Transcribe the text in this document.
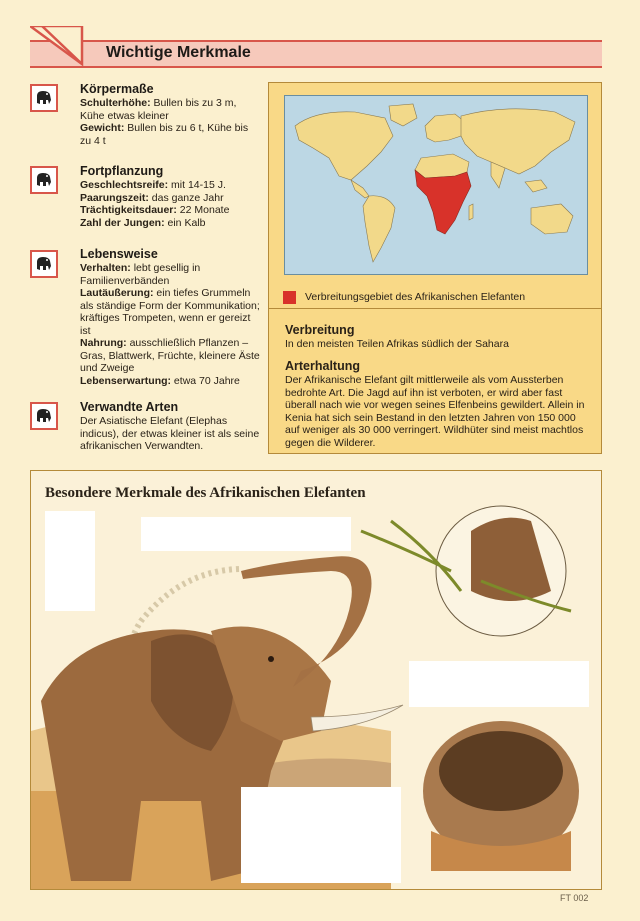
Wichtige Merkmale
Körpermaße

Schulterhöhe: Bullen bis zu 3 m, Kühe etwas kleiner

Gewicht: Bullen bis zu 6 t, Kühe bis zu 4 t

Fortpflanzung

Geschlechtsreife: mit 14-15 J.

Paarungszeit: das ganze Jahr

Trächtigkeitsdauer: 22 Monate

Zahl der Jungen: ein Kalb

Lebensweise

Verhalten: lebt gesellig in Familienverbänden

Lautäußerung: ein tiefes Grummeln als ständige Form der Kommunikation; kräftiges Trompeten, wenn er gereizt ist

Nahrung: ausschließlich Pflanzen – Gras, Blattwerk, Früchte, kleinere Äste und Zweige

Lebenserwartung: etwa 70 Jahre

Verwandte Arten

Der Asiatische Elefant (Elephas indicus), der etwas kleiner ist als seine afrikanischen Verwandten.

Verbreitungsgebiet des Afrikanischen Elefanten
Verbreitung

In den meisten Teilen Afrikas südlich der Sahara

Arterhaltung

Der Afrikanische Elefant gilt mittlerweile als vom Aussterben bedrohte Art. Die Jagd auf ihn ist verboten, er wird aber fast überall nach wie vor wegen seines Elfenbeins gewildert. Allein in Kenia hat sich sein Bestand in den letzten Jahren von 150 000 auf weniger als 30 000 verringert. Wildhüter sind meist machtlos gegen die Wilderer.

Besondere Merkmale des Afrikanischen Elefanten
FT 002
